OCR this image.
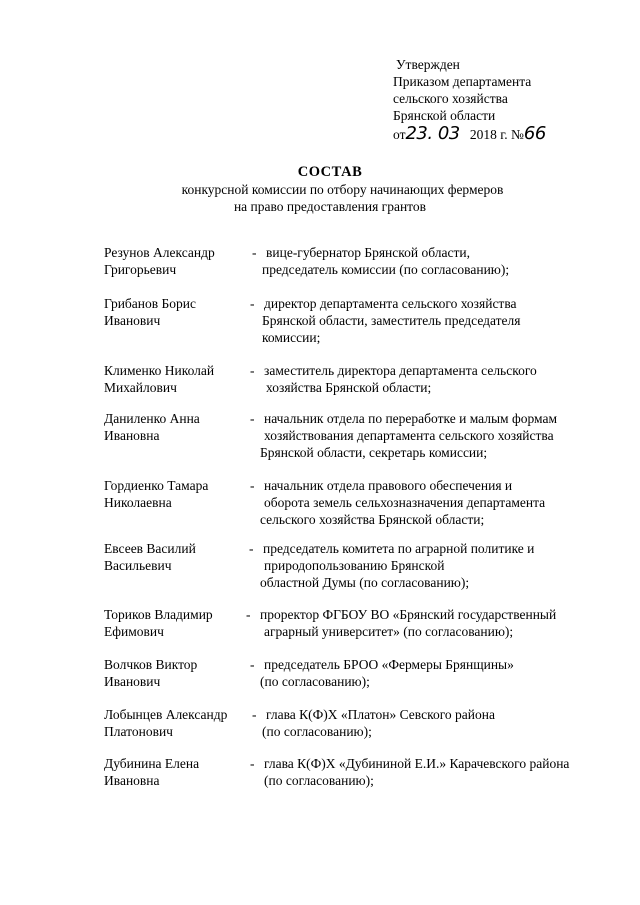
Утвержден
Приказом департамента
сельского хозяйства
Брянской области
от23. 03 2018 г. №66
СОСТАВ
конкурсной комиссии по отбору начинающих фермеров
на право предоставления грантов
Резунов Александр
Григорьевич
- вице-губернатор Брянской области,
председатель комиссии (по согласованию);
Грибанов Борис
Иванович
- директор департамента сельского хозяйства
Брянской области, заместитель председателя
комиссии;
Клименко Николай
Михайлович
- заместитель директора департамента сельского
хозяйства Брянской области;
Даниленко Анна
Ивановна
- начальник отдела по переработке и малым формам
хозяйствования департамента сельского хозяйства
Брянской области, секретарь комиссии;
Гордиенко Тамара
Николаевна
- начальник отдела правового обеспечения и
оборота земель сельхозназначения департамента
сельского хозяйства Брянской области;
Евсеев Василий
Васильевич
- председатель комитета по аграрной политике и
природопользованию Брянской
областной Думы (по согласованию);
Ториков Владимир
Ефимович
- проректор ФГБОУ ВО «Брянский государственный
аграрный университет» (по согласованию);
Волчков Виктор
Иванович
- председатель БРОО «Фермеры Брянщины»
(по согласованию);
Лобынцев Александр
Платонович
- глава К(Ф)Х «Платон» Севского района
(по согласованию);
Дубинина Елена
Ивановна
- глава К(Ф)Х «Дубининой Е.И.» Карачевского района
(по согласованию);
